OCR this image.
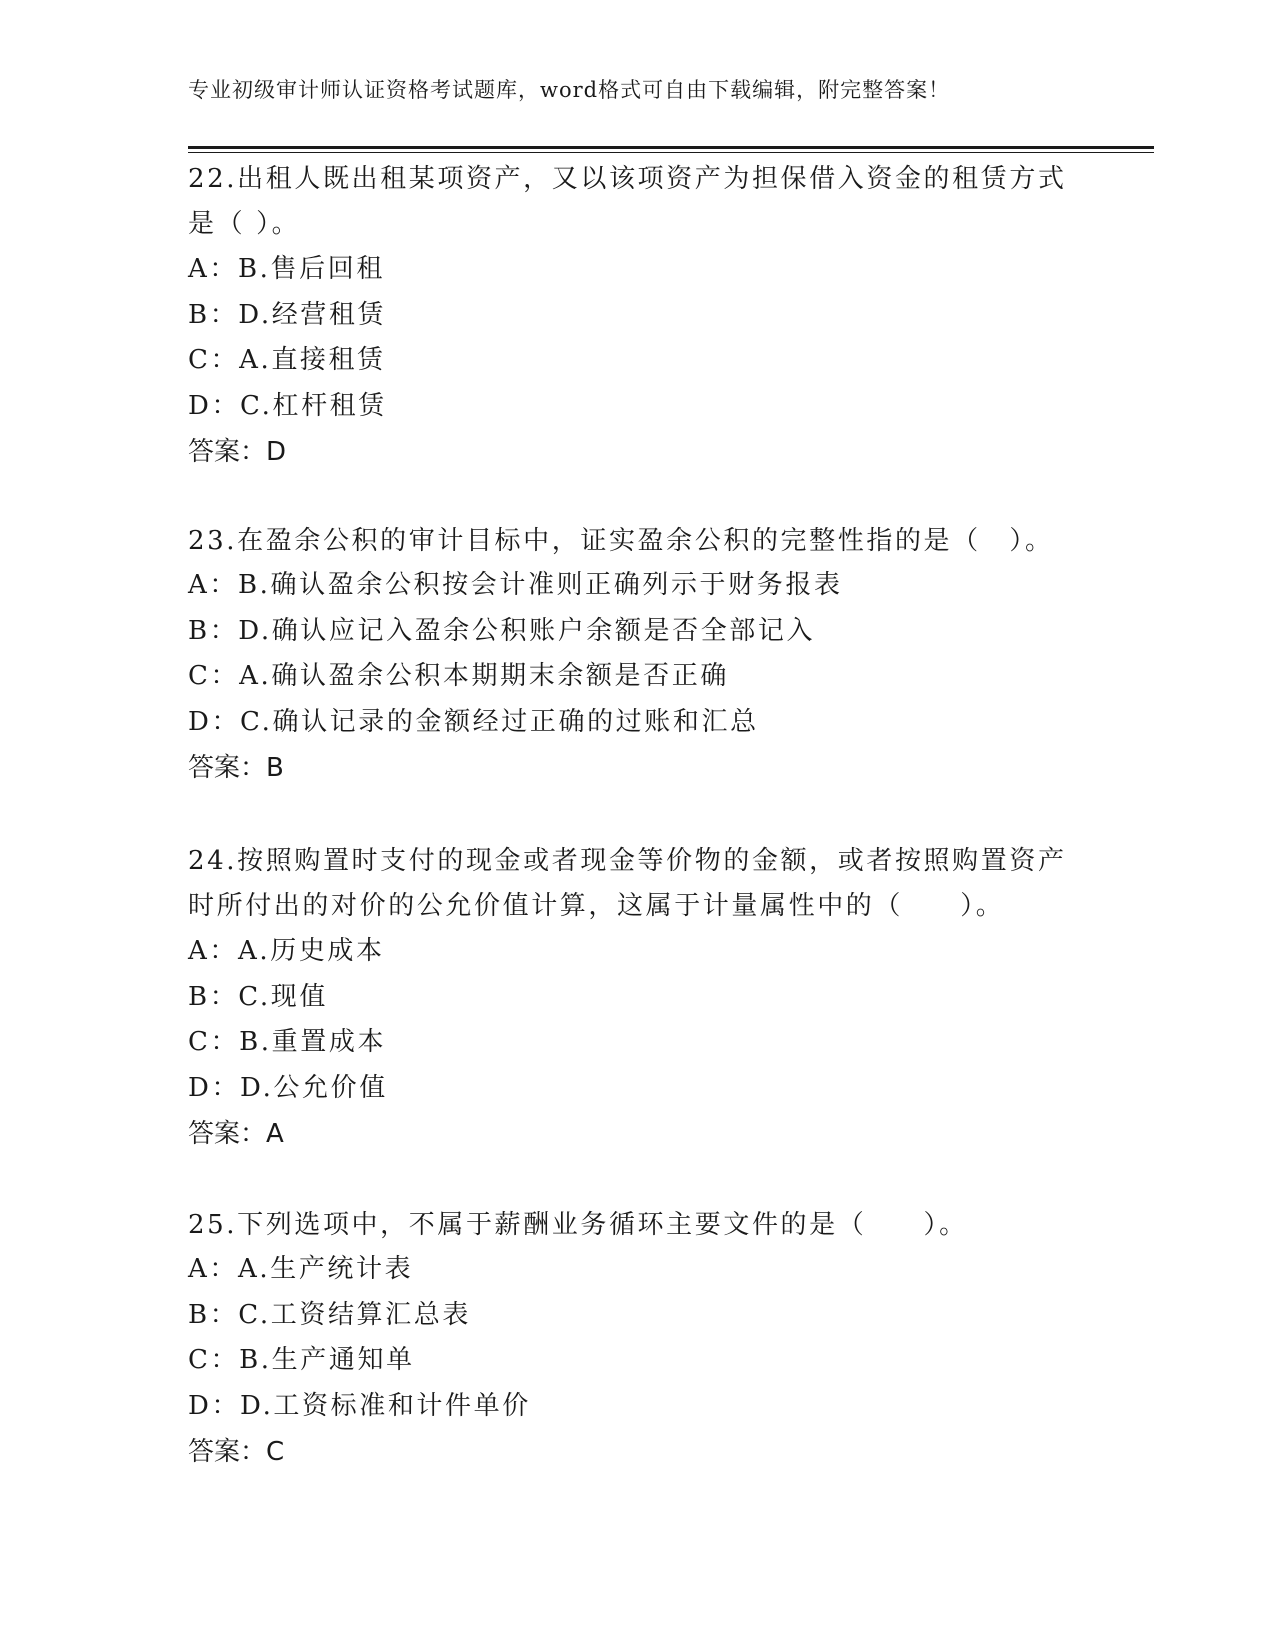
专业初级审计师认证资格考试题库，word格式可自由下载编辑，附完整答案！

22.出租人既出租某项资产，又以该项资产为担保借入资金的租赁方式是（ ）。

A：B.售后回租

B：D.经营租赁

C：A.直接租赁

D：C.杠杆租赁

答案：D

23.在盈余公积的审计目标中，证实盈余公积的完整性指的是（　）。

A：B.确认盈余公积按会计准则正确列示于财务报表

B：D.确认应记入盈余公积账户余额是否全部记入

C：A.确认盈余公积本期期末余额是否正确

D：C.确认记录的金额经过正确的过账和汇总

答案：B

24.按照购置时支付的现金或者现金等价物的金额，或者按照购置资产时所付出的对价的公允价值计算，这属于计量属性中的（　　）。

A：A.历史成本

B：C.现值

C：B.重置成本

D：D.公允价值

答案：A

25.下列选项中，不属于薪酬业务循环主要文件的是（　　）。

A：A.生产统计表

B：C.工资结算汇总表

C：B.生产通知单

D：D.工资标准和计件单价

答案：C
